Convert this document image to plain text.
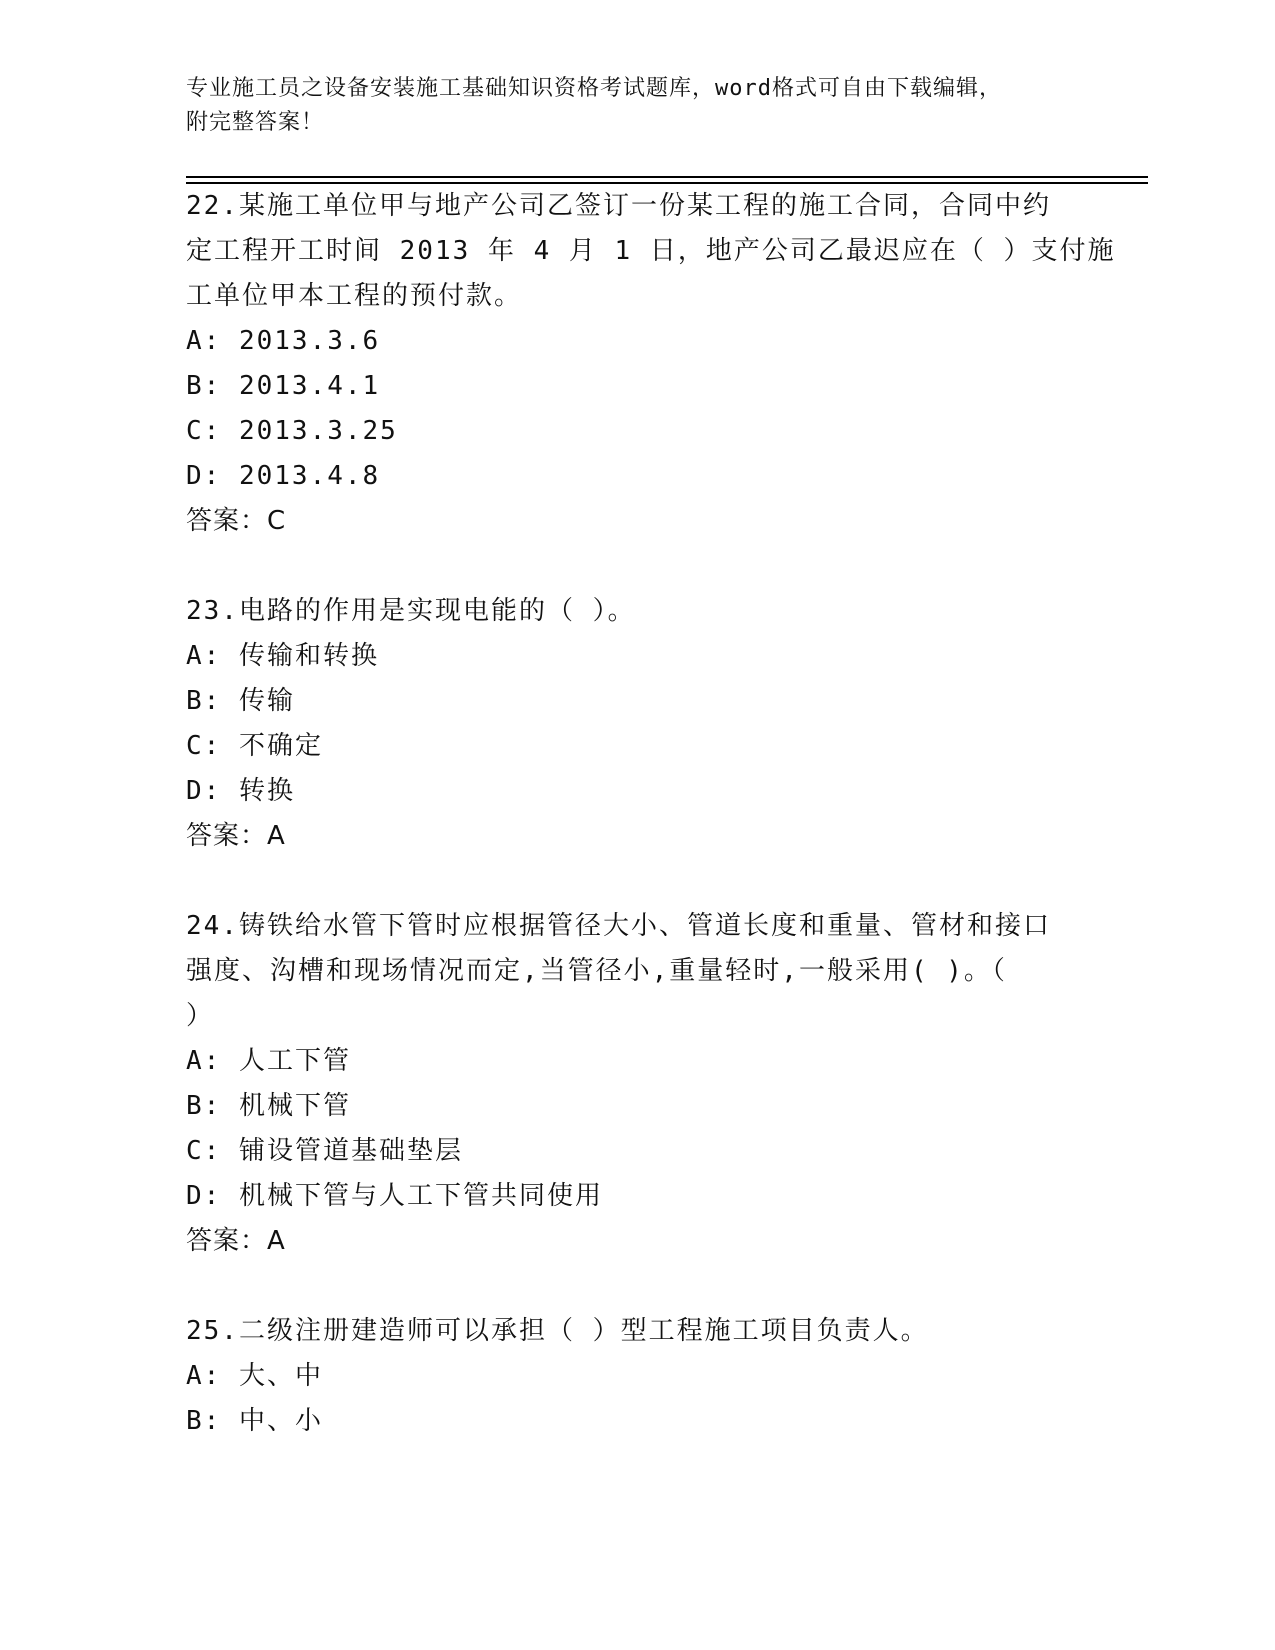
专业施工员之设备安装施工基础知识资格考试题库，word格式可自由下载编辑，
附完整答案！
22.某施工单位甲与地产公司乙签订一份某工程的施工合同，合同中约
定工程开工时间 2013 年 4 月 1 日，地产公司乙最迟应在（ ）支付施
工单位甲本工程的预付款。
A: 2013.3.6
B: 2013.4.1
C: 2013.3.25
D: 2013.4.8
答案：C
23.电路的作用是实现电能的（ ）。
A: 传输和转换
B: 传输
C: 不确定
D: 转换
答案：A
24.铸铁给水管下管时应根据管径大小、管道长度和重量、管材和接口
强度、沟槽和现场情况而定,当管径小,重量轻时,一般采用( )。（
）
A: 人工下管
B: 机械下管
C: 铺设管道基础垫层
D: 机械下管与人工下管共同使用
答案：A
25.二级注册建造师可以承担（ ）型工程施工项目负责人。
A: 大、中
B: 中、小
